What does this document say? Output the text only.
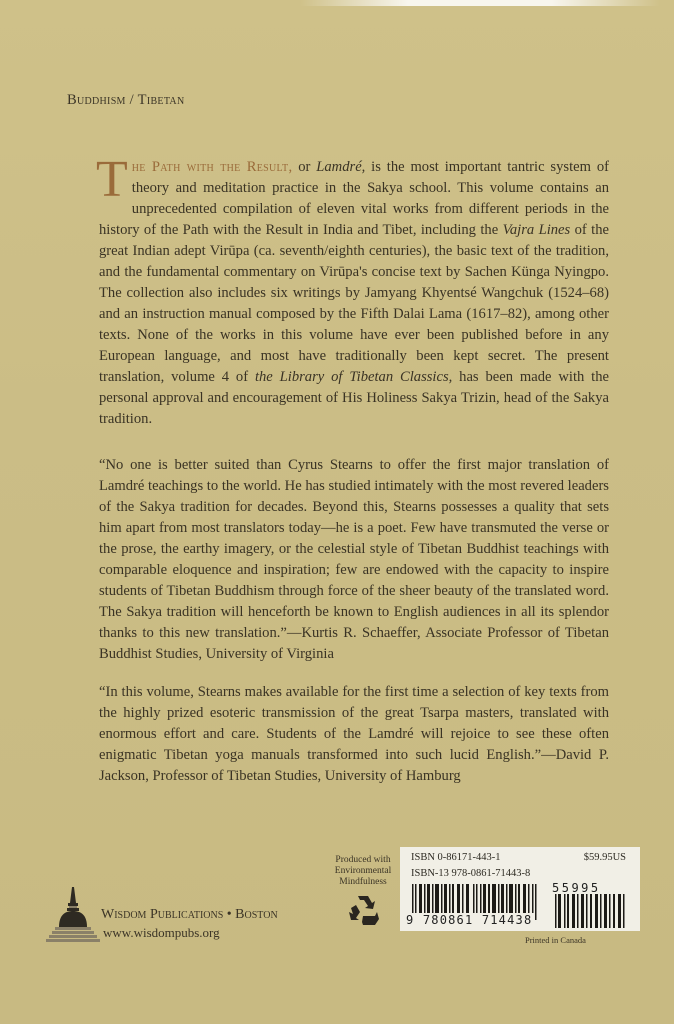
Buddhism / Tibetan
The Path with the Result, or Lamdré, is the most important tantric system of theory and meditation practice in the Sakya school. This volume contains an unprecedented compilation of eleven vital works from different periods in the history of the Path with the Result in India and Tibet, including the Vajra Lines of the great Indian adept Virūpa (ca. seventh/eighth centuries), the basic text of the tradition, and the fundamental commentary on Virūpa's concise text by Sachen Künga Nyingpo. The collection also includes six writings by Jamyang Khyentsé Wangchuk (1524–68) and an instruction manual composed by the Fifth Dalai Lama (1617–82), among other texts. None of the works in this volume have ever been published before in any European language, and most have traditionally been kept secret. The present translation, volume 4 of the Library of Tibetan Classics, has been made with the personal approval and encouragement of His Holiness Sakya Trizin, head of the Sakya tradition.
“No one is better suited than Cyrus Stearns to offer the first major translation of Lamdré teachings to the world. He has studied intimately with the most revered leaders of the Sakya tradition for decades. Beyond this, Stearns possesses a quality that sets him apart from most translators today—he is a poet. Few have transmuted the verse or the prose, the earthy imagery, or the celestial style of Tibetan Buddhist teachings with comparable eloquence and inspiration; few are endowed with the capacity to inspire students of Tibetan Buddhism through force of the sheer beauty of the translated word. The Sakya tradition will henceforth be known to English audiences in all its splendor thanks to this new translation.”—Kurtis R. Schaeffer, Associate Professor of Tibetan Buddhist Studies, University of Virginia
“In this volume, Stearns makes available for the first time a selection of key texts from the highly prized esoteric transmission of the great Tsarpa masters, translated with enormous effort and care. Students of the Lamdré will rejoice to see these often enigmatic Tibetan yoga manuals transformed into such lucid English.”—David P. Jackson, Professor of Tibetan Studies, University of Hamburg
Wisdom Publications • Boston
www.wisdompubs.org
Produced with Environmental Mindfulness
ISBN 0-86171-443-1	$59.95US
ISBN-13 978-0861-71443-8
9 780861 714438
55995
Printed in Canada
